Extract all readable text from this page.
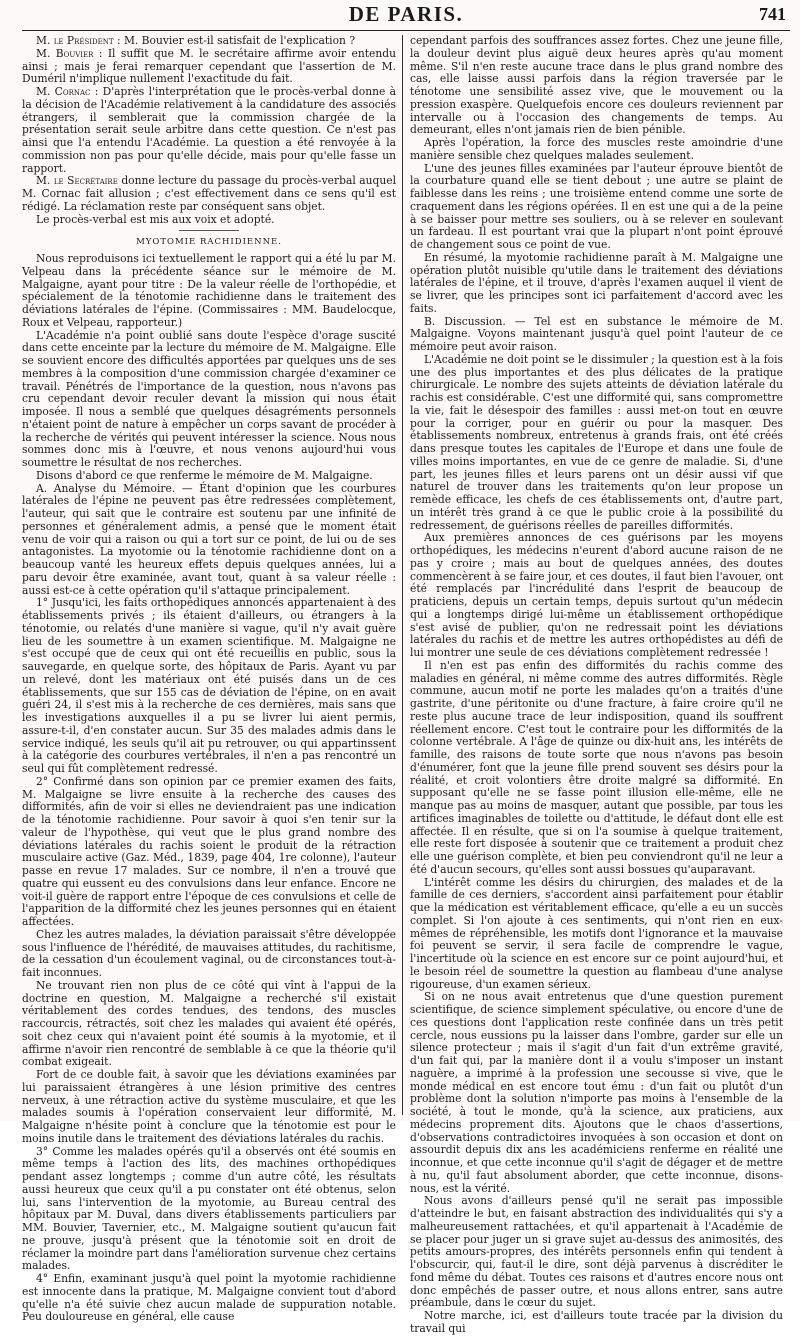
DE PARIS.	741

M. le Président : M. Bouvier est-il satisfait de l'explication ?

M. Bouvier : Il suffit que M. le secrétaire affirme avoir entendu ainsi ; mais je ferai remarquer cependant que l'assertion de M. Duméril n'implique nullement l'exactitude du fait.

M. Cornac : D'après l'interprétation que le procès-verbal donne à la décision de l'Académie relativement à la candidature des associés étrangers, il semblerait que la commission chargée de la présentation serait seule arbitre dans cette question. Ce n'est pas ainsi que l'a entendu l'Académie. La question a été renvoyée à la commission non pas pour qu'elle décide, mais pour qu'elle fasse un rapport.

M. le Secrétaire donne lecture du passage du procès-verbal auquel M. Cornac fait allusion ; c'est effectivement dans ce sens qu'il est rédigé. La réclamation reste par conséquent sans objet.

Le procès-verbal est mis aux voix et adopté.

MYOTOMIE RACHIDIENNE.

Nous reproduisons ici textuellement le rapport qui a été lu par M. Velpeau dans la précédente séance sur le mémoire de M. Malgaigne, ayant pour titre : De la valeur réelle de l'orthopédie, et spécialement de la ténotomie rachidienne dans le traitement des déviations latérales de l'épine. (Commissaires : MM. Baudelocque, Roux et Velpeau, rapporteur.)

L'Académie n'a point oublié sans doute l'espèce d'orage suscité dans cette enceinte par la lecture du mémoire de M. Malgaigne. Elle se souvient encore des difficultés apportées par quelques uns de ses membres à la composition d'une commission chargée d'examiner ce travail. Pénétrés de l'importance de la question, nous n'avons pas cru cependant devoir reculer devant la mission qui nous était imposée. Il nous a semblé que quelques désagréments personnels n'étaient point de nature à empêcher un corps savant de procéder à la recherche de vérités qui peuvent intéresser la science. Nous nous sommes donc mis à l'œuvre, et nous venons aujourd'hui vous soumettre le résultat de nos recherches.

Disons d'abord ce que renferme le mémoire de M. Malgaigne.

A. Analyse du Mémoire. — Étant d'opinion que les courbures latérales de l'épine ne peuvent pas être redressées complètement, l'auteur, qui sait que le contraire est soutenu par une infinité de personnes et généralement admis, a pensé que le moment était venu de voir qui a raison ou qui a tort sur ce point, de lui ou de ses antagonistes. La myotomie ou la ténotomie rachidienne dont on a beaucoup vanté les heureux effets depuis quelques années, lui a paru devoir être examinée, avant tout, quant à sa valeur réelle : aussi est-ce à cette opération qu'il s'attaque principalement.

1° Jusqu'ici, les faits orthopédiques annoncés appartenaient à des établissements privés ; ils étaient d'ailleurs, ou étrangers à la ténotomie, ou relatés d'une manière si vague, qu'il n'y avait guère lieu de les soumettre à un examen scientifique. M. Malgaigne ne s'est occupé que de ceux qui ont été recueillis en public, sous la sauvegarde, en quelque sorte, des hôpitaux de Paris. Ayant vu par un relevé, dont les matériaux ont été puisés dans un de ces établissements, que sur 155 cas de déviation de l'épine, on en avait guéri 24, il s'est mis à la recherche de ces dernières, mais sans que les investigations auxquelles il a pu se livrer lui aient permis, assure-t-il, d'en constater aucun. Sur 35 des malades admis dans le service indiqué, les seuls qu'il ait pu retrouver, ou qui appartinssent à la catégorie des courbures vertébrales, il n'en a pas rencontré un seul qui fût complètement redressé.

2° Confirmé dans son opinion par ce premier examen des faits, M. Malgaigne se livre ensuite à la recherche des causes des difformités, afin de voir si elles ne deviendraient pas une indication de la ténotomie rachidienne. Pour savoir à quoi s'en tenir sur la valeur de l'hypothèse, qui veut que le plus grand nombre des déviations latérales du rachis soient le produit de la rétraction musculaire active (Gaz. Méd., 1839, page 404, 1re colonne), l'auteur passe en revue 17 malades. Sur ce nombre, il n'en a trouvé que quatre qui eussent eu des convulsions dans leur enfance. Encore ne voit-il guère de rapport entre l'époque de ces convulsions et celle de l'apparition de la difformité chez les jeunes personnes qui en étaient affectées.

Chez les autres malades, la déviation paraissait s'être développée sous l'influence de l'hérédité, de mauvaises attitudes, du rachitisme, de la cessation d'un écoulement vaginal, ou de circonstances tout-à-fait inconnues.

Ne trouvant rien non plus de ce côté qui vînt à l'appui de la doctrine en question, M. Malgaigne a recherché s'il existait véritablement des cordes tendues, des tendons, des muscles raccourcis, rétractés, soit chez les malades qui avaient été opérés, soit chez ceux qui n'avaient point été soumis à la myotomie, et il affirme n'avoir rien rencontré de semblable à ce que la théorie qu'il combat exigeait.

Fort de ce double fait, à savoir que les déviations examinées par lui paraissaient étrangères à une lésion primitive des centres nerveux, à une rétraction active du système musculaire, et que les malades soumis à l'opération conservaient leur difformité, M. Malgaigne n'hésite point à conclure que la ténotomie est pour le moins inutile dans le traitement des déviations latérales du rachis.

3° Comme les malades opérés qu'il a observés ont été soumis en même temps à l'action des lits, des machines orthopédiques pendant assez longtemps ; comme d'un autre côté, les résultats aussi heureux que ceux qu'il a pu constater ont été obtenus, selon lui, sans l'intervention de la myotomie, au Bureau central des hôpitaux par M. Duval, dans divers établissements particuliers par MM. Bouvier, Tavernier, etc., M. Malgaigne soutient qu'aucun fait ne prouve, jusqu'à présent que la ténotomie soit en droit de réclamer la moindre part dans l'amélioration survenue chez certains malades.

4° Enfin, examinant jusqu'à quel point la myotomie rachidienne est innocente dans la pratique, M. Malgaigne convient tout d'abord qu'elle n'a été suivie chez aucun malade de suppuration notable. Peu douloureuse en général, elle cause

cependant parfois des souffrances assez fortes. Chez une jeune fille, la douleur devint plus aiguë deux heures après qu'au moment même. S'il n'en reste aucune trace dans le plus grand nombre des cas, elle laisse aussi parfois dans la région traversée par le ténotome une sensibilité assez vive, que le mouvement ou la pression exaspère. Quelquefois encore ces douleurs reviennent par intervalle ou à l'occasion des changements de temps. Au demeurant, elles n'ont jamais rien de bien pénible.

Après l'opération, la force des muscles reste amoindrie d'une manière sensible chez quelques malades seulement.

L'une des jeunes filles examinées par l'auteur éprouve bientôt de la courbature quand elle se tient debout ; une autre se plaint de faiblesse dans les reins ; une troisième entend comme une sorte de craquement dans les régions opérées. Il en est une qui a de la peine à se baisser pour mettre ses souliers, ou à se relever en soulevant un fardeau. Il est pourtant vrai que la plupart n'ont point éprouvé de changement sous ce point de vue.

En résumé, la myotomie rachidienne paraît à M. Malgaigne une opération plutôt nuisible qu'utile dans le traitement des déviations latérales de l'épine, et il trouve, d'après l'examen auquel il vient de se livrer, que les principes sont ici parfaitement d'accord avec les faits.

B. Discussion. — Tel est en substance le mémoire de M. Malgaigne. Voyons maintenant jusqu'à quel point l'auteur de ce mémoire peut avoir raison.

L'Académie ne doit point se le dissimuler ; la question est à la fois une des plus importantes et des plus délicates de la pratique chirurgicale. Le nombre des sujets atteints de déviation latérale du rachis est considérable. C'est une difformité qui, sans compromettre la vie, fait le désespoir des familles : aussi met-on tout en œuvre pour la corriger, pour en guérir ou pour la masquer. Des établissements nombreux, entretenus à grands frais, ont été créés dans presque toutes les capitales de l'Europe et dans une foule de villes moins importantes, en vue de ce genre de maladie. Si, d'une part, les jeunes filles et leurs parens ont un désir aussi vif que naturel de trouver dans les traitements qu'on leur propose un remède efficace, les chefs de ces établissements ont, d'autre part, un intérêt très grand à ce que le public croie à la possibilité du redressement, de guérisons réelles de pareilles difformités.

Aux premières annonces de ces guérisons par les moyens orthopédiques, les médecins n'eurent d'abord aucune raison de ne pas y croire ; mais au bout de quelques années, des doutes commencèrent à se faire jour, et ces doutes, il faut bien l'avouer, ont été remplacés par l'incrédulité dans l'esprit de beaucoup de praticiens, depuis un certain temps, depuis surtout qu'un médecin qui a longtemps dirigé lui-même un établissement orthopédique s'est avisé de publier, qu'on ne redressait point les déviations latérales du rachis et de mettre les autres orthopédistes au défi de lui montrer une seule de ces déviations complètement redressée !

Il n'en est pas enfin des difformités du rachis comme des maladies en général, ni même comme des autres difformités. Règle commune, aucun motif ne porte les malades qu'on a traités d'une gastrite, d'une péritonite ou d'une fracture, à faire croire qu'il ne reste plus aucune trace de leur indisposition, quand ils souffrent réellement encore. C'est tout le contraire pour les difformités de la colonne vertébrale. A l'âge de quinze ou dix-huit ans, les intérêts de famille, des raisons de toute sorte que nous n'avons pas besoin d'énumérer, font que la jeune fille prend souvent ses désirs pour la réalité, et croit volontiers être droite malgré sa difformité. En supposant qu'elle ne se fasse point illusion elle-même, elle ne manque pas au moins de masquer, autant que possible, par tous les artifices imaginables de toilette ou d'attitude, le défaut dont elle est affectée. Il en résulte, que si on l'a soumise à quelque traitement, elle reste fort disposée à soutenir que ce traitement a produit chez elle une guérison complète, et bien peu conviendront qu'il ne leur a été d'aucun secours, qu'elles sont aussi bossues qu'auparavant.

L'intérêt comme les désirs du chirurgien, des malades et de la famille de ces derniers, s'accordent ainsi parfaitement pour établir que la médication est véritablement efficace, qu'elle a eu un succès complet. Si l'on ajoute à ces sentiments, qui n'ont rien en eux-mêmes de répréhensible, les motifs dont l'ignorance et la mauvaise foi peuvent se servir, il sera facile de comprendre le vague, l'incertitude où la science en est encore sur ce point aujourd'hui, et le besoin réel de soumettre la question au flambeau d'une analyse rigoureuse, d'un examen sérieux.

Si on ne nous avait entretenus que d'une question purement scientifique, de science simplement spéculative, ou encore d'une de ces questions dont l'application reste confinée dans un très petit cercle, nous eussions pu la laisser dans l'ombre, garder sur elle un silence protecteur ; mais il s'agit d'un fait d'un extrême gravité, d'un fait qui, par la manière dont il a voulu s'imposer un instant naguère, a imprimé à la profession une secousse si vive, que le monde médical en est encore tout ému : d'un fait ou plutôt d'un problème dont la solution n'importe pas moins à l'ensemble de la société, à tout le monde, qu'à la science, aux praticiens, aux médecins proprement dits. Ajoutons que le chaos d'assertions, d'observations contradictoires invoquées à son occasion et dont on assourdit depuis dix ans les académiciens renferme en réalité une inconnue, et que cette inconnue qu'il s'agit de dégager et de mettre à nu, qu'il faut absolument aborder, que cette inconnue, disons-nous, est la vérité.

Nous avons d'ailleurs pensé qu'il ne serait pas impossible d'atteindre le but, en faisant abstraction des individualités qui s'y a malheureusement rattachées, et qu'il appartenait à l'Académie de se placer pour juger un si grave sujet au-dessus des animosités, des petits amours-propres, des intérêts personnels enfin qui tendent à l'obscurcir, qui, faut-il le dire, sont déjà parvenus à discréditer le fond même du débat. Toutes ces raisons et d'autres encore nous ont donc empêchés de passer outre, et nous allons entrer, sans autre préambule, dans le cœur du sujet.

Notre marche, ici, est d'ailleurs toute tracée par la division du travail qui
